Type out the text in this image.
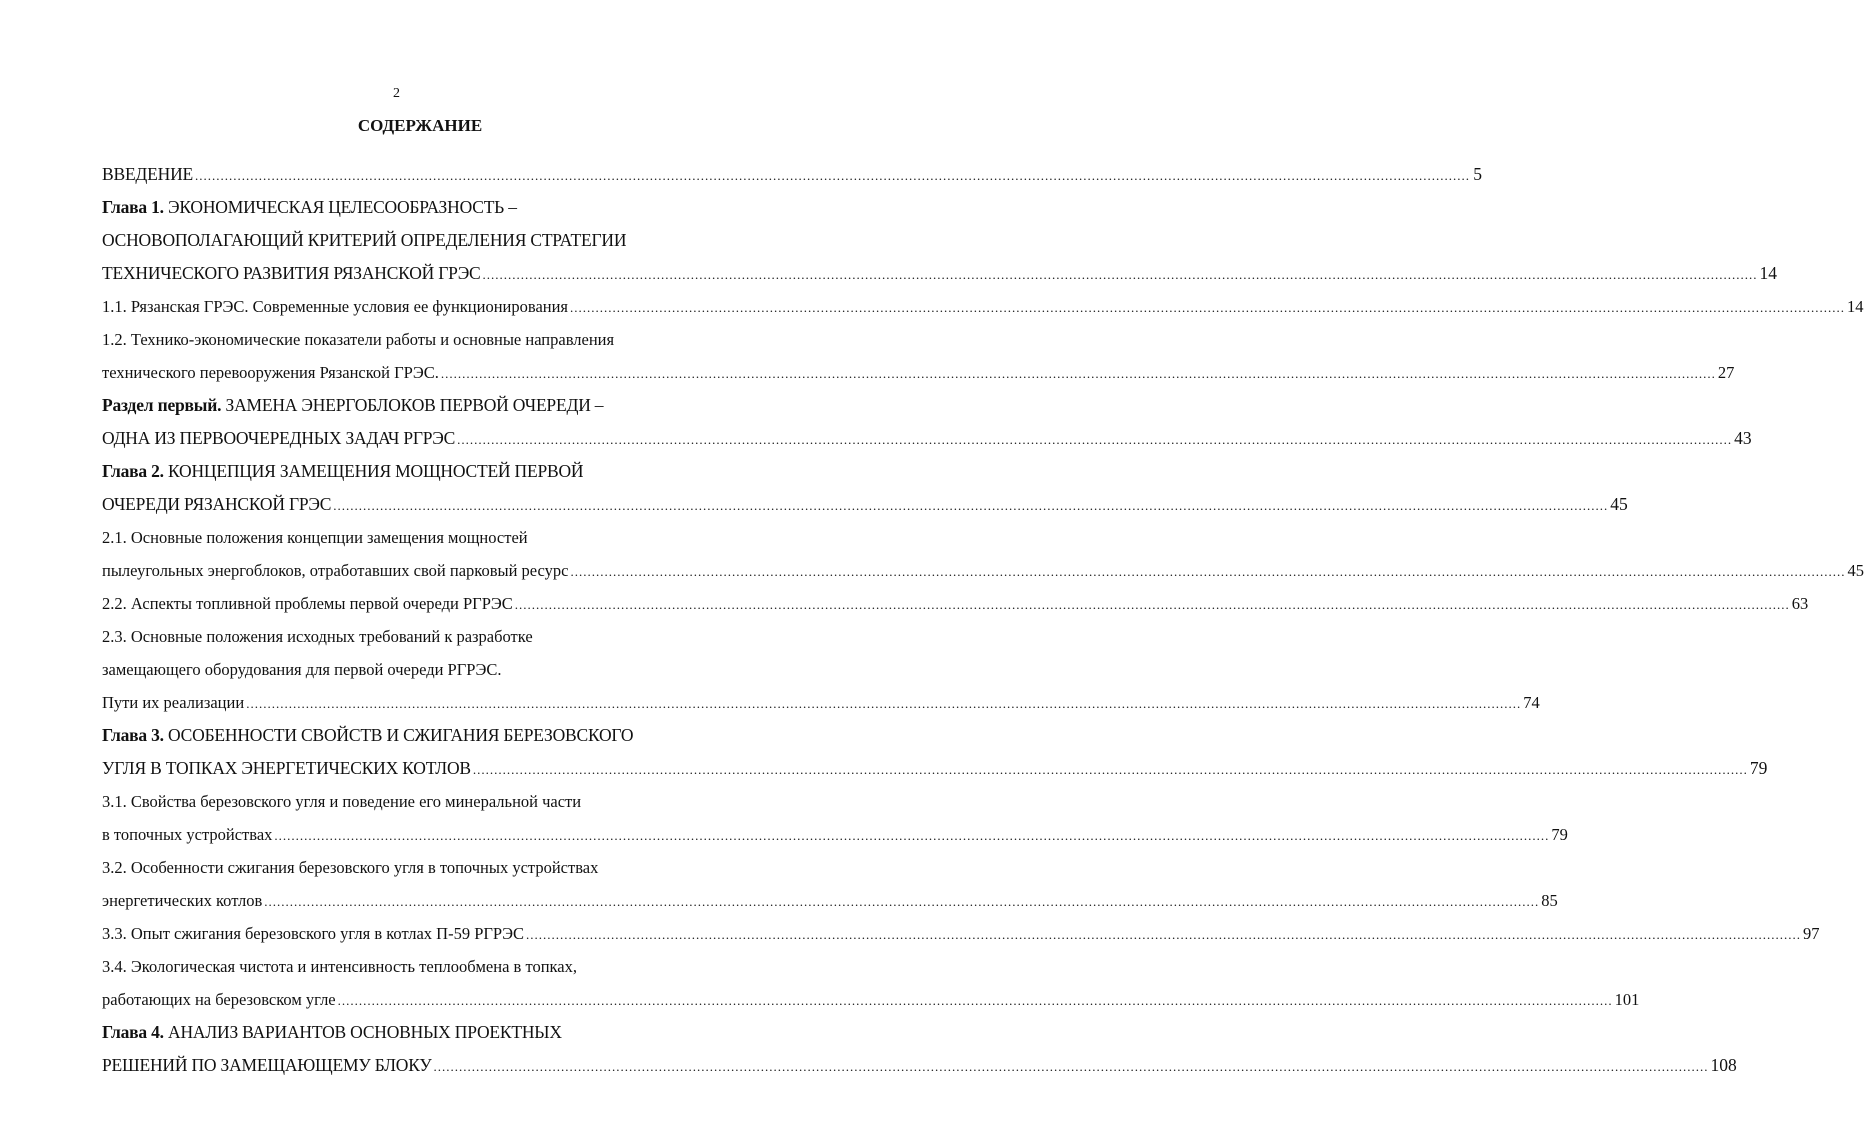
2
СОДЕРЖАНИЕ
ВВЕДЕНИЕ ............................................................................................................................................................................................................................................................................................................ 5
Глава 1. ЭКОНОМИЧЕСКАЯ ЦЕЛЕСООБРАЗНОСТЬ –
ОСНОВОПОЛАГАЮЩИЙ КРИТЕРИЙ ОПРЕДЕЛЕНИЯ СТРАТЕГИИ
ТЕХНИЧЕСКОГО РАЗВИТИЯ РЯЗАНСКОЙ ГРЭС ............................................................................................................................................................................................................................................................................................................ 14
1.1. Рязанская ГРЭС. Современные условия ее функционирования ............................................................................................................................................................................................................................................................................................................ 14
1.2. Технико-экономические показатели работы и основные направления
технического перевооружения Рязанской ГРЭС. ............................................................................................................................................................................................................................................................................................................ 27
Раздел первый. ЗАМЕНА ЭНЕРГОБЛОКОВ ПЕРВОЙ ОЧЕРЕДИ –
ОДНА ИЗ ПЕРВООЧЕРЕДНЫХ ЗАДАЧ РГРЭС ............................................................................................................................................................................................................................................................................................................ 43
Глава 2. КОНЦЕПЦИЯ ЗАМЕЩЕНИЯ МОЩНОСТЕЙ ПЕРВОЙ
ОЧЕРЕДИ РЯЗАНСКОЙ ГРЭС ............................................................................................................................................................................................................................................................................................................ 45
2.1. Основные положения концепции замещения мощностей
пылеугольных энергоблоков, отработавших свой парковый ресурс ............................................................................................................................................................................................................................................................................................................ 45
2.2. Аспекты топливной проблемы первой очереди РГРЭС ............................................................................................................................................................................................................................................................................................................ 63
2.3. Основные положения исходных требований к разработке
замещающего оборудования для первой очереди РГРЭС.
Пути их реализации ............................................................................................................................................................................................................................................................................................................ 74
Глава 3. ОСОБЕННОСТИ СВОЙСТВ И СЖИГАНИЯ БЕРЕЗОВСКОГО
УГЛЯ В ТОПКАХ ЭНЕРГЕТИЧЕСКИХ КОТЛОВ ............................................................................................................................................................................................................................................................................................................ 79
3.1. Свойства березовского угля и поведение его минеральной части
в топочных устройствах ............................................................................................................................................................................................................................................................................................................ 79
3.2. Особенности сжигания березовского угля в топочных устройствах
энергетических котлов ............................................................................................................................................................................................................................................................................................................ 85
3.3. Опыт сжигания березовского угля в котлах П-59 РГРЭС ............................................................................................................................................................................................................................................................................................................ 97
3.4. Экологическая чистота и интенсивность теплообмена в топках,
работающих на березовском угле ............................................................................................................................................................................................................................................................................................................ 101
Глава 4. АНАЛИЗ ВАРИАНТОВ ОСНОВНЫХ ПРОЕКТНЫХ
РЕШЕНИЙ ПО ЗАМЕЩАЮЩЕМУ БЛОКУ ............................................................................................................................................................................................................................................................................................................ 108
